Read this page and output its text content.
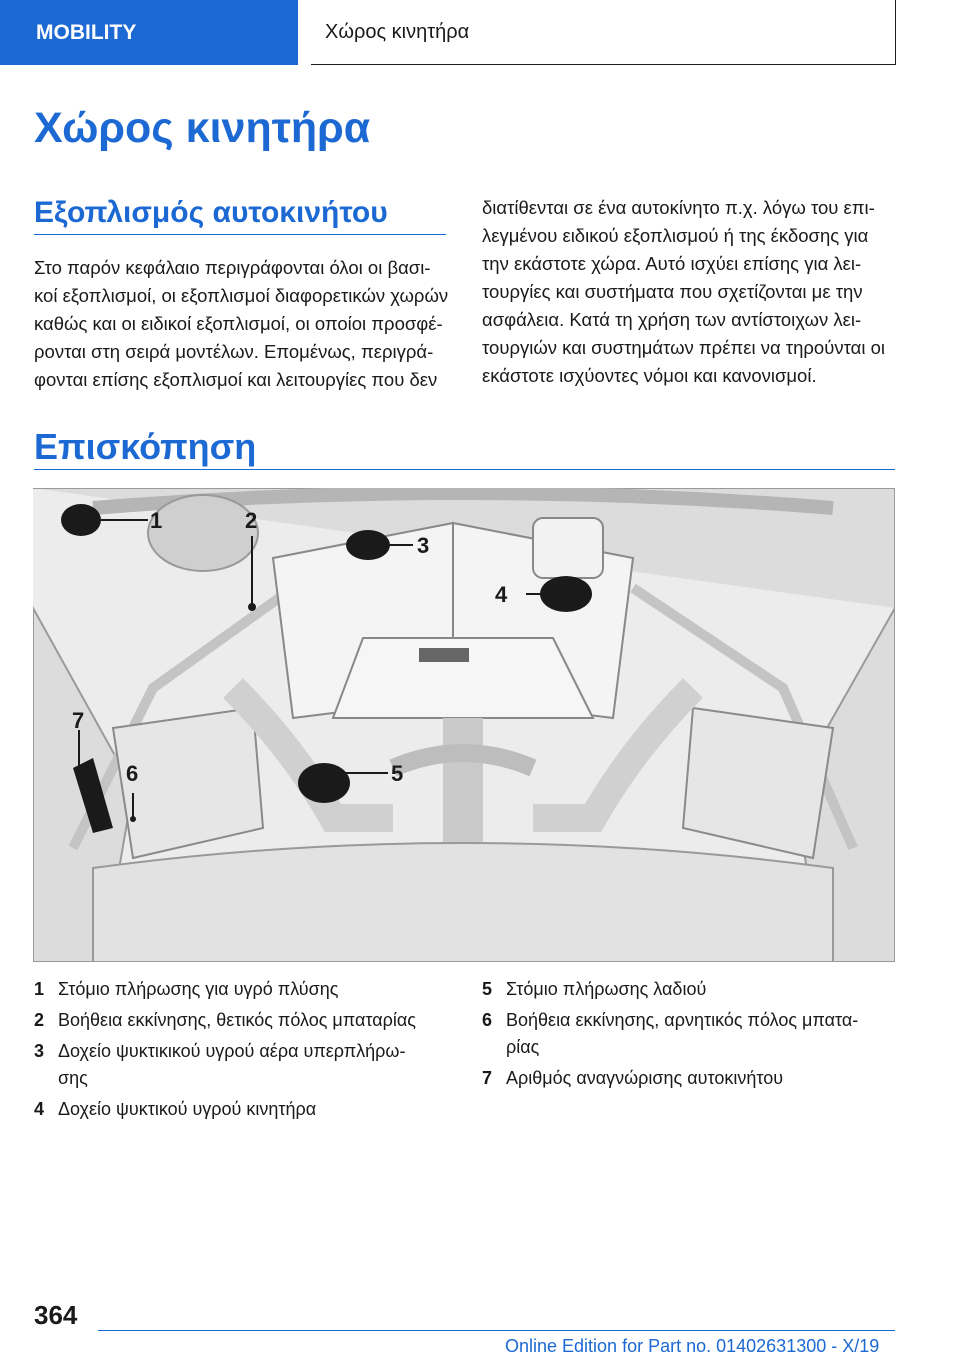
MOBILITY	Χώρος κινητήρα
Χώρος κινητήρα
Εξοπλισμός αυτοκινήτου
Στο παρόν κεφάλαιο περιγράφονται όλοι οι βασι-
κοί εξοπλισμοί, οι εξοπλισμοί διαφορετικών χωρών
καθώς και οι ειδικοί εξοπλισμοί, οι οποίοι προσφέ-
ρονται στη σειρά μοντέλων. Επομένως, περιγρά-
φονται επίσης εξοπλισμοί και λειτουργίες που δεν
διατίθενται σε ένα αυτοκίνητο π.χ. λόγω του επι-
λεγμένου ειδικού εξοπλισμού ή της έκδοσης για
την εκάστοτε χώρα. Αυτό ισχύει επίσης για λει-
τουργίες και συστήματα που σχετίζονται με την
ασφάλεια. Κατά τη χρήση των αντίστοιχων λει-
τουργιών και συστημάτων πρέπει να τηρούνται οι
εκάστοτε ισχύοντες νόμοι και κανονισμοί.
Επισκόπηση
1	2
3
4
5
6
7
1 Στόμιο πλήρωσης για υγρό πλύσης
2 Βοήθεια εκκίνησης, θετικός πόλος μπαταρίας
3 Δοχείο ψυκτικικού υγρού αέρα υπερπλήρω-
σης
4 Δοχείο ψυκτικού υγρού κινητήρα
5 Στόμιο πλήρωσης λαδιού
6 Βοήθεια εκκίνησης, αρνητικός πόλος μπατα-
ρίας
7 Αριθμός αναγνώρισης αυτοκινήτου
364
Online Edition for Part no. 01402631300 - X/19
